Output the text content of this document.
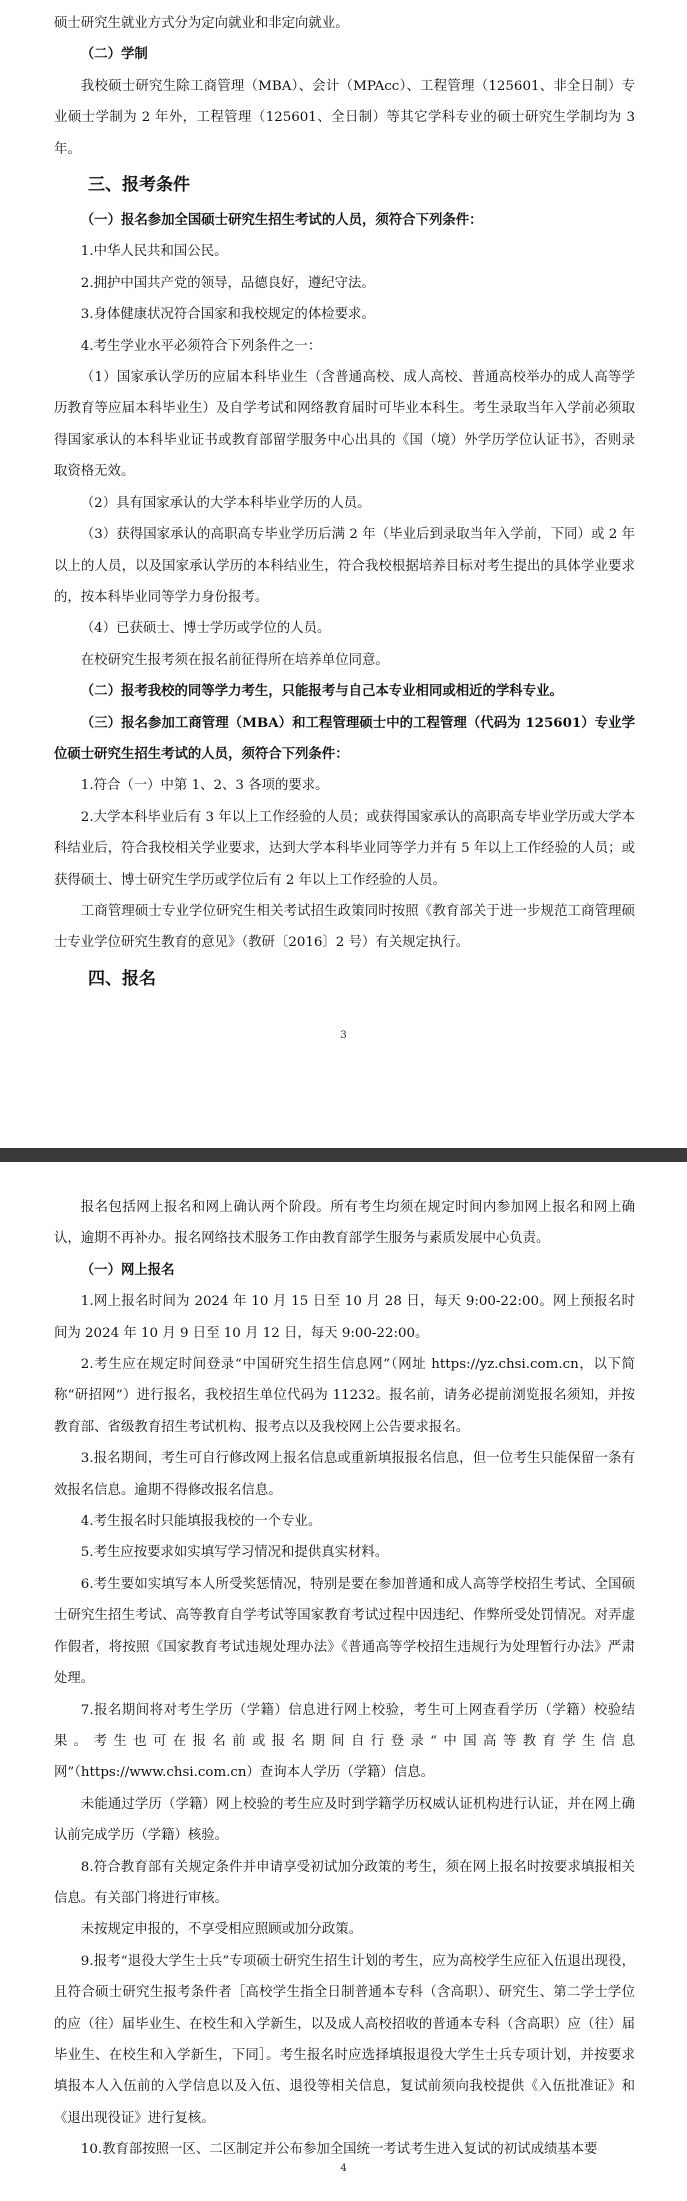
硕士研究生就业方式分为定向就业和非定向就业。

（二）学制

我校硕士研究生除工商管理（MBA）、会计（MPAcc）、工程管理（125601、非全日制）专业硕士学制为 2 年外，工程管理（125601、全日制）等其它学科专业的硕士研究生学制均为 3 年。

三、报考条件

（一）报名参加全国硕士研究生招生考试的人员，须符合下列条件：

1.中华人民共和国公民。

2.拥护中国共产党的领导，品德良好，遵纪守法。

3.身体健康状况符合国家和我校规定的体检要求。

4.考生学业水平必须符合下列条件之一：

（1）国家承认学历的应届本科毕业生（含普通高校、成人高校、普通高校举办的成人高等学历教育等应届本科毕业生）及自学考试和网络教育届时可毕业本科生。考生录取当年入学前必须取得国家承认的本科毕业证书或教育部留学服务中心出具的《国（境）外学历学位认证书》，否则录取资格无效。

（2）具有国家承认的大学本科毕业学历的人员。

（3）获得国家承认的高职高专毕业学历后满 2 年（毕业后到录取当年入学前，下同）或 2 年以上的人员，以及国家承认学历的本科结业生，符合我校根据培养目标对考生提出的具体学业要求的，按本科毕业同等学力身份报考。

（4）已获硕士、博士学历或学位的人员。

在校研究生报考须在报名前征得所在培养单位同意。

（二）报考我校的同等学力考生，只能报考与自己本专业相同或相近的学科专业。

（三）报名参加工商管理（MBA）和工程管理硕士中的工程管理（代码为 125601）专业学位硕士研究生招生考试的人员，须符合下列条件：

1.符合（一）中第 1、2、3 各项的要求。

2.大学本科毕业后有 3 年以上工作经验的人员；或获得国家承认的高职高专毕业学历或大学本科结业后，符合我校相关学业要求，达到大学本科毕业同等学力并有 5 年以上工作经验的人员；或获得硕士、博士研究生学历或学位后有 2 年以上工作经验的人员。

工商管理硕士专业学位研究生相关考试招生政策同时按照《教育部关于进一步规范工商管理硕士专业学位研究生教育的意见》（教研〔2016〕2 号）有关规定执行。

四、报名

报名包括网上报名和网上确认两个阶段。所有考生均须在规定时间内参加网上报名和网上确认，逾期不再补办。报名网络技术服务工作由教育部学生服务与素质发展中心负责。

（一）网上报名

1.网上报名时间为 2024 年 10 月 15 日至 10 月 28 日，每天 9:00-22:00。网上预报名时间为 2024 年 10 月 9 日至 10 月 12 日，每天 9:00-22:00。

2.考生应在规定时间登录“中国研究生招生信息网”（网址 https://yz.chsi.com.cn，以下简称“研招网”）进行报名，我校招生单位代码为 11232。报名前，请务必提前浏览报名须知，并按教育部、省级教育招生考试机构、报考点以及我校网上公告要求报名。

3.报名期间，考生可自行修改网上报名信息或重新填报报名信息，但一位考生只能保留一条有效报名信息。逾期不得修改报名信息。

4.考生报名时只能填报我校的一个专业。

5.考生应按要求如实填写学习情况和提供真实材料。

6.考生要如实填写本人所受奖惩情况，特别是要在参加普通和成人高等学校招生考试、全国硕士研究生招生考试、高等教育自学考试等国家教育考试过程中因违纪、作弊所受处罚情况。对弄虚作假者，将按照《国家教育考试违规处理办法》《普通高等学校招生违规行为处理暂行办法》严肃处理。

7.报名期间将对考生学历（学籍）信息进行网上校验，考生可上网查看学历（学籍）校验结果。考生也可在报名前或报名期间自行登录“中国高等教育学生信息网”（https://www.chsi.com.cn）查询本人学历（学籍）信息。

未能通过学历（学籍）网上校验的考生应及时到学籍学历权威认证机构进行认证，并在网上确认前完成学历（学籍）核验。

8.符合教育部有关规定条件并申请享受初试加分政策的考生，须在网上报名时按要求填报相关信息。有关部门将进行审核。

未按规定申报的，不享受相应照顾或加分政策。

9.报考“退役大学生士兵”专项硕士研究生招生计划的考生，应为高校学生应征入伍退出现役，且符合硕士研究生报考条件者［高校学生指全日制普通本专科（含高职）、研究生、第二学士学位的应（往）届毕业生、在校生和入学新生，以及成人高校招收的普通本专科（含高职）应（往）届毕业生、在校生和入学新生，下同］。考生报名时应选择填报退役大学生士兵专项计划，并按要求填报本人入伍前的入学信息以及入伍、退役等相关信息，复试前须向我校提供《入伍批准证》和《退出现役证》进行复核。

10.教育部按照一区、二区制定并公布参加全国统一考试考生进入复试的初试成绩基本要

3
4
